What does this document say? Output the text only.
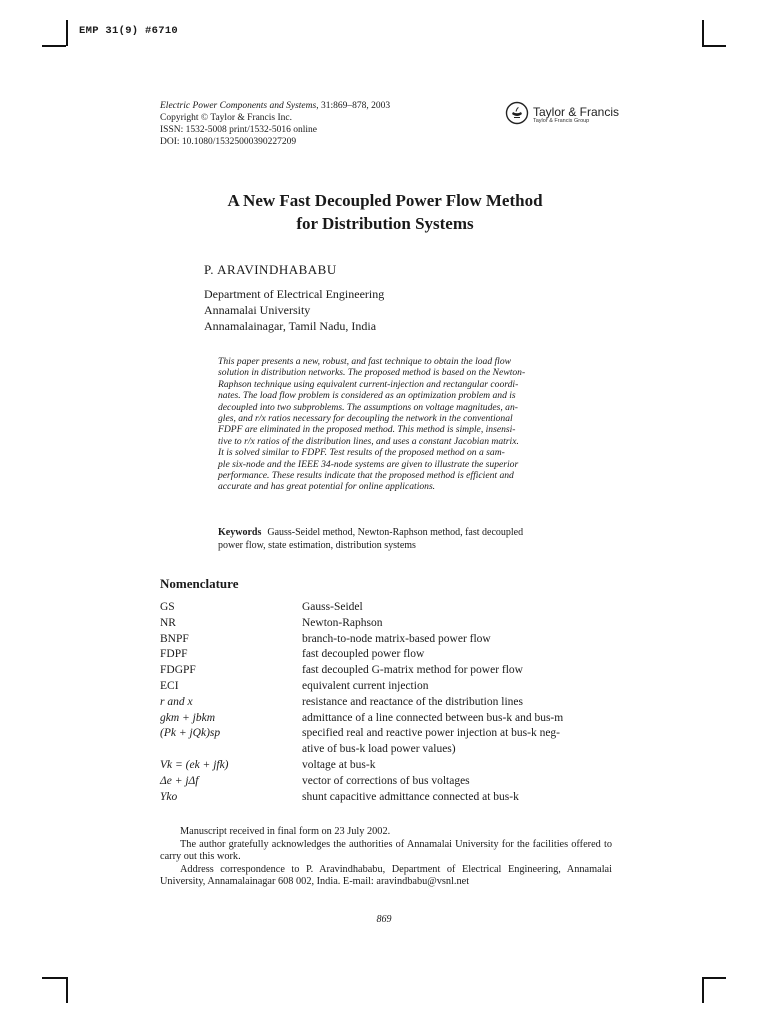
EMP 31(9) #6710
Electric Power Components and Systems, 31:869–878, 2003
Copyright © Taylor & Francis Inc.
ISSN: 1532-5008 print/1532-5016 online
DOI: 10.1080/15325000390227209
Taylor & Francis
Taylor & Francis Group
A New Fast Decoupled Power Flow Method
for Distribution Systems
P. ARAVINDHABABU
Department of Electrical Engineering
Annamalai University
Annamalainagar, Tamil Nadu, India
This paper presents a new, robust, and fast technique to obtain the load flow
solution in distribution networks. The proposed method is based on the Newton-
Raphson technique using equivalent current-injection and rectangular coordi-
nates. The load flow problem is considered as an optimization problem and is
decoupled into two subproblems. The assumptions on voltage magnitudes, an-
gles, and r/x ratios necessary for decoupling the network in the conventional
FDPF are eliminated in the proposed method. This method is simple, insensi-
tive to r/x ratios of the distribution lines, and uses a constant Jacobian matrix.
It is solved similar to FDPF. Test results of the proposed method on a sam-
ple six-node and the IEEE 34-node systems are given to illustrate the superior
performance. These results indicate that the proposed method is efficient and
accurate and has great potential for online applications.
Keywords Gauss-Seidel method, Newton-Raphson method, fast decoupled
power flow, state estimation, distribution systems
Nomenclature
GS	Gauss-Seidel
NR	Newton-Raphson
BNPF	branch-to-node matrix-based power flow
FDPF	fast decoupled power flow
FDGPF	fast decoupled G-matrix method for power flow
ECI	equivalent current injection
r and x	resistance and reactance of the distribution lines
gkm + jbkm	admittance of a line connected between bus-k and bus-m
(Pk + jQk)sp	specified real and reactive power injection at bus-k neg-
	ative of bus-k load power values)
Vk = (ek + jfk)	voltage at bus-k
Δe + jΔf	vector of corrections of bus voltages
Yko	shunt capacitive admittance connected at bus-k

Manuscript received in final form on 23 July 2002.

The author gratefully acknowledges the authorities of Annamalai University for the facilities offered to carry out this work.

Address correspondence to P. Aravindhababu, Department of Electrical Engineering, Annamalai University, Annamalainagar 608 002, India. E-mail: aravindbabu@vsnl.net

869
